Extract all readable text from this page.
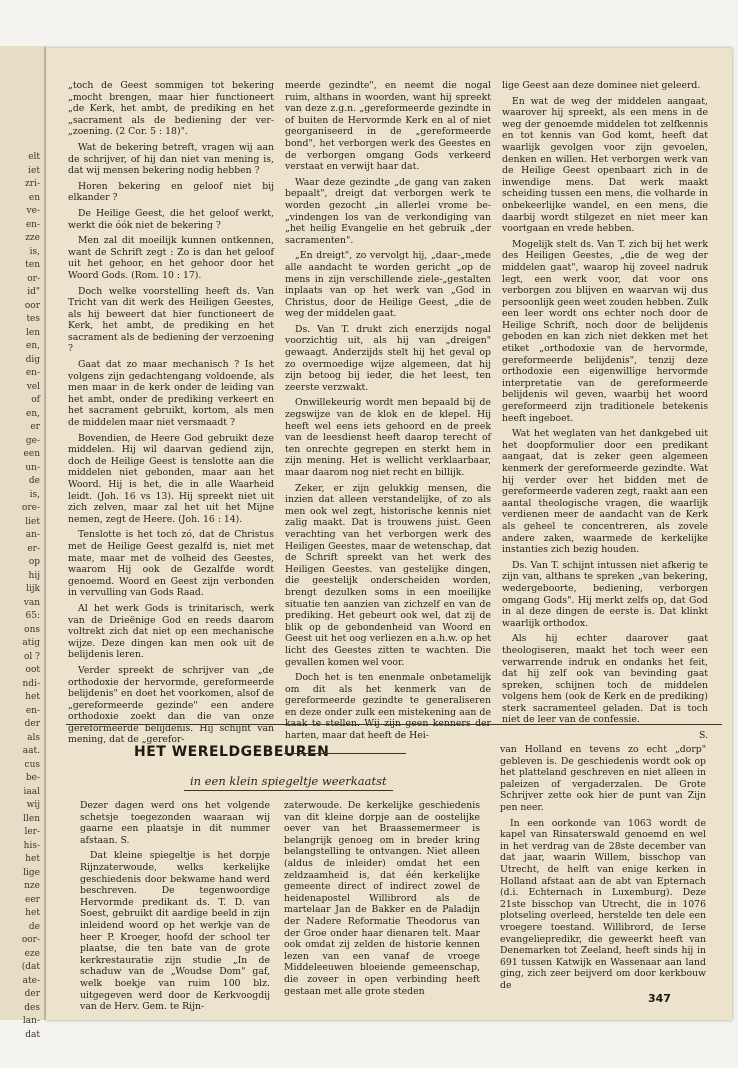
elt
iet
zri-
en
ve-
en-
zze
is,
ten
or-
id"
oor
tes
len
en,
dig
en-
vel
of
en,
er
ge-
een
un-
de
is,
ore-
liet
an-
er-
op
hij
lijk
van
65:
ons
atig
ol ?
oot
ndi-
het
en-
der
als
aat.
cus
be-
iaal
wij
llen
ler-
his-
het
lige
nze
eer
het
de
oor-
eze
(dat
ate-
der
des
lan-
dat

„toch de Geest sommigen tot bekering „mocht brengen, maar hier functioneert „de Kerk, het ambt, de prediking en het „sacrament als de bediening der ver-„zoening. (2 Cor. 5 : 18)".

Wat de bekering betreft, vragen wij aan de schrijver, of hij dan niet van mening is, dat wij mensen bekering nodig hebben ?

Horen bekering en geloof niet bij elkander ?

De Heilige Geest, die het geloof werkt, werkt die óók niet de bekering ?

Men zal dit moeilijk kunnen ontkennen, want de Schrift zegt : Zo is dan het geloof uit het gehoor, en het gehoor door het Woord Gods. (Rom. 10 : 17).

Doch welke voorstelling heeft ds. Van Tricht van dit werk des Heiligen Geestes, als hij beweert dat hier functioneert de Kerk, het ambt, de prediking en het sacrament als de bediening der verzoening ?

Gaat dat zo maar mechanisch ? Is het volgens zijn gedachtengang voldoende, als men maar in de kerk onder de leiding van het ambt, onder de prediking verkeert en het sacrament gebruikt, kortom, als men de middelen maar niet versmaadt ?

Bovendien, de Heere God gebruikt deze middelen. Hij wil daarvan gediend zijn, doch de Heilige Geest is tenslotte aan die middelen niet gebonden, maar aan het Woord. Hij is het, die in alle Waarheid leidt. (Joh. 16 vs 13). Hij spreekt niet uit zich zelven, maar zal het uit het Mijne nemen, zegt de Heere. (Joh. 16 : 14).

Tenslotte is het toch zó, dat de Christus met de Heilige Geest gezalfd is, niet met mate, maar met de volheid des Geestes, waarom Hij ook de Gezalfde wordt genoemd. Woord en Geest zijn verbonden in vervulling van Gods Raad.

Al het werk Gods is trinitarisch, werk van de Drieënige God en reeds daarom voltrekt zich dat niet op een mechanische wijze. Deze dingen kan men ook uit de belijdenis leren.

Verder spreekt de schrijver van „de orthodoxie der hervormde, gereformeerde belijdenis" en doet het voorkomen, alsof de „gereformeerde gezinde" een andere orthodoxie zoekt dan die van onze gereformeerde belijdenis. Hij schijnt van mening, dat de „gerefor-

meerde gezindte", en neemt die nogal ruim, althans in woorden, want hij spreekt van deze z.g.n. „gereformeerde gezindte in of buiten de Hervormde Kerk en al of niet georganiseerd in de „gereformeerde bond", het verborgen werk des Geestes en de verborgen omgang Gods verkeerd verstaat en verwijt haar dat.

Waar deze gezindte „de gang van zaken bepaalt", dreigt dat verborgen werk te worden gezocht „in allerlei vrome be-„vindengen los van de verkondiging van „het heilig Evangelie en het gebruik „der sacramenten".

„En dreigt", zo vervolgt hij, „daar-„mede alle aandacht te worden gericht „op de mens in zijn verschillende ziele-„gestalten inplaats van op het werk van „God in Christus, door de Heilige Geest, „die de weg der middelen gaat.

Ds. Van T. drukt zich enerzijds nogal voorzichtig uit, als hij van „dreigen" gewaagt. Anderzijds stelt hij het geval op zo overmoedige wijze algemeen, dat hij zijn betoog bij ieder, die het leest, ten zeerste verzwakt.

Onwillekeurig wordt men bepaald bij de zegswijze van de klok en de klepel. Hij heeft wel eens iets gehoord en de preek van de leesdienst heeft daarop terecht of ten onrechte gegrepen en sterkt hem in zijn mening. Het is wellicht verklaarbaar, maar daarom nog niet recht en billijk.

Zeker, er zijn gelukkig mensen, die inzien dat alleen verstandelijke, of zo als men ook wel zegt, historische kennis niet zalig maakt. Dat is trouwens juist. Geen verachting van het verborgen werk des Heiligen Geestes, maar de wetenschap, dat de Schrift spreekt van het werk des Heiligen Geestes. van gestelijke dingen, die geestelijk onderscheiden worden, brengt dezulken soms in een moeilijke situatie ten aanzien van zichzelf en van de prediking. Het gebeurt ook wel, dat zij de blik op de gebondenheid van Woord en Geest uit het oog verliezen en a.h.w. op het licht des Geestes zitten te wachten. Die gevallen komen wel voor.

Doch het is ten enenmale onbetamelijk om dit als het kenmerk van de gereformeerde gezindte te generaliseren en deze onder zulk een mistekening aan de kaak te stellen. Wij zijn geen kenners der harten, maar dat heeft de Hei-

lige Geest aan deze dominee niet geleerd.

En wat de weg der middelen aangaat, waarover hij spreekt, als een mens in de weg der genoemde middelen tot zelfkennis en tot kennis van God komt, heeft dat waarlijk gevolgen voor zijn gevoelen, denken en willen. Het verborgen werk van de Heilige Geest openbaart zich in de inwendige mens. Dat werk maakt scheiding tussen een mens, die volharde in onbekeerlijke wandel, en een mens, die daarbij wordt stilgezet en niet meer kan voortgaan en vrede hebben.

Mogelijk stelt ds. Van T. zich bij het werk des Heiligen Geestes, „die de weg der middelen gaat", waarop hij zoveel nadruk legt, een werk voor, dat voor ons verborgen zou blijven en waarvan wij dus persoonlijk geen weet zouden hebben. Zulk een leer wordt ons echter noch door de Heilige Schrift, noch door de belijdenis geboden en kan zich niet dekken met het etiket „orthodoxie van de hervormde, gereformeerde belijdenis", tenzij deze orthodoxie een eigenwillige hervormde interpretatie van de gereformeerde belijdenis wil geven, waarbij het woord gereformeerd zijn traditionele betekenis heeft ingeboet.

Wat het weglaten van het dankgebed uit het doopformulier door een predikant aangaat, dat is zeker geen algemeen kenmerk der gereformeerde gezindte. Wat hij verder over het bidden met de gereformeerde vaderen zegt, raakt aan een aantal theologische vragen, die waarlijk verdienen meer de aandacht van de Kerk als geheel te concentreren, als zovele andere zaken, waarmede de kerkelijke instanties zich bezig houden.

Ds. Van T. schijnt intussen niet afkerig te zijn van, althans te spreken „van bekering, wedergeboorte, bediening, verborgen omgang Gods". Hij merkt zelfs op, dat God in al deze dingen de eerste is. Dat klinkt waarlijk orthodox.

Als hij echter daarover gaat theologiseren, maakt het toch weer een verwarrende indruk en ondanks het feit, dat hij zelf ook van bevinding gaat spreken, schijnen toch de middelen volgens hem (ook de Kerk en de prediking) sterk sacramenteel geladen. Dat is toch niet de leer van de confessie.

S.

HET WERELDGEBEUREN
in een klein spiegeltje weerkaatst

Dezer dagen werd ons het volgende schetsje toegezonden waaraan wij gaarne een plaatsje in dit nummer afstaan. S.

Dat kleine spiegeltje is het dorpje Rijnzaterwoude, welks kerkelijke geschiedenis door bekwame hand werd beschreven. De tegenwoordige Hervormde predikant ds. T. D. van Soest, gebruikt dit aardige beeld in zijn inleidend woord op het werkje van de heer P. Kroeger, hoofd der school ter plaatse, die ten bate van de grote kerkrestauratie zijn studie „In de schaduw van de „Woudse Dom" gaf, welk boekje van ruim 100 blz. uitgegeven werd door de Kerkvoogdij van de Herv. Gem. te Rijn-

zaterwoude. De kerkelijke geschiedenis van dit kleine dorpje aan de oostelijke oever van het Braassemermeer is belangrijk genoeg om in breder kring belangstelling te ontvangen. Niet alleen (aldus de inleider) omdat het een zeldzaamheid is, dat één kerkelijke gemeente direct of indirect zowel de heidenapostel Willibrord als de martelaar Jan de Bakker en de Paladijn der Nadere Reformatie Theodorus van der Groe onder haar dienaren telt. Maar ook omdat zij zelden de historie kennen lezen van een vanaf de vroege Middeleeuwen bloeiende gemeenschap, die zoveer in open verbinding heeft gestaan met alle grote steden

van Holland en tevens zo echt „dorp" gebleven is. De geschiedenis wordt ook op het platteland geschreven en niet alleen in paleizen of vergaderzalen. De Grote Schrijver zette ook hier de punt van Zijn pen neer.

In een oorkonde van 1063 wordt de kapel van Rinsaterswald genoemd en wel in het verdrag van de 28ste december van dat jaar, waarin Willem, bisschop van Utrecht, de helft van enige kerken in Holland afstaat aan de abt van Epternach (d.i. Echternach in Luxemburg). Deze 21ste bisschop van Utrecht, die in 1076 plotseling overleed, herstelde ten dele een vroegere toestand. Willibrord, de Ierse evangeliepredikr, die geweerkt heeft van Denemarken tot Zeeland, heeft sinds hij in 691 tussen Katwijk en Wassenaar aan land ging, zich zeer beijverd om door kerkbouw de

347
